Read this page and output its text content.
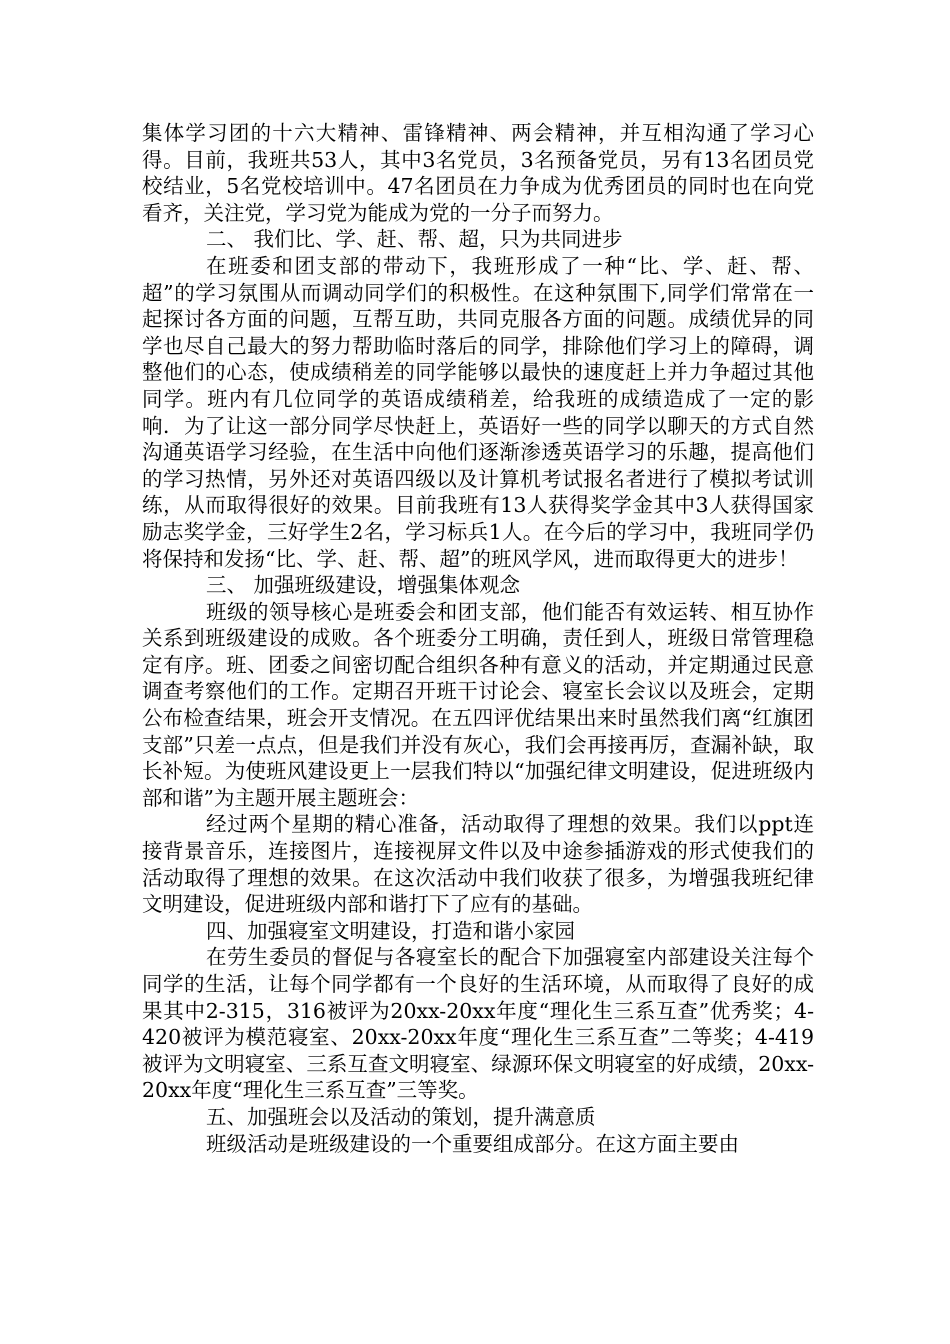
集体学习团的十六大精神、雷锋精神、两会精神，并互相沟通了学习心得。目前，我班共53人，其中3名党员，3名预备党员，另有13名团员党校结业，5名党校培训中。47名团员在力争成为优秀团员的同时也在向党看齐，关注党，学习党为能成为党的一分子而努力。

二、 我们比、学、赶、帮、超，只为共同进步

在班委和团支部的带动下，我班形成了一种“比、学、赶、帮、超”的学习氛围从而调动同学们的积极性。在这种氛围下,同学们常常在一起探讨各方面的问题，互帮互助，共同克服各方面的问题。成绩优异的同学也尽自己最大的努力帮助临时落后的同学，排除他们学习上的障碍，调整他们的心态，使成绩稍差的同学能够以最快的速度赶上并力争超过其他同学。班内有几位同学的英语成绩稍差，给我班的成绩造成了一定的影响．为了让这一部分同学尽快赶上，英语好一些的同学以聊天的方式自然沟通英语学习经验，在生活中向他们逐渐渗透英语学习的乐趣，提高他们的学习热情，另外还对英语四级以及计算机考试报名者进行了模拟考试训练，从而取得很好的效果。目前我班有13人获得奖学金其中3人获得国家励志奖学金，三好学生2名，学习标兵1人。在今后的学习中，我班同学仍将保持和发扬“比、学、赶、帮、超”的班风学风，进而取得更大的进步！

三、 加强班级建设，增强集体观念

班级的领导核心是班委会和团支部，他们能否有效运转、相互协作关系到班级建设的成败。各个班委分工明确，责任到人，班级日常管理稳定有序。班、团委之间密切配合组织各种有意义的活动，并定期通过民意调查考察他们的工作。定期召开班干讨论会、寝室长会议以及班会，定期公布检查结果，班会开支情况。在五四评优结果出来时虽然我们离“红旗团支部”只差一点点，但是我们并没有灰心，我们会再接再厉，查漏补缺，取长补短。为使班风建设更上一层我们特以“加强纪律文明建设，促进班级内部和谐”为主题开展主题班会：

经过两个星期的精心准备，活动取得了理想的效果。我们以ppt连接背景音乐，连接图片，连接视屏文件以及中途参插游戏的形式使我们的活动取得了理想的效果。在这次活动中我们收获了很多，为增强我班纪律文明建设，促进班级内部和谐打下了应有的基础。

四、加强寝室文明建设，打造和谐小家园

在劳生委员的督促与各寝室长的配合下加强寝室内部建设关注每个同学的生活，让每个同学都有一个良好的生活环境，从而取得了良好的成果其中2-315，316被评为20xx-20xx年度“理化生三系互查”优秀奖；4-420被评为模范寝室、20xx-20xx年度“理化生三系互查”二等奖；4-419被评为文明寝室、三系互查文明寝室、绿源环保文明寝室的好成绩，20xx-20xx年度“理化生三系互查”三等奖。

五、加强班会以及活动的策划，提升满意质

班级活动是班级建设的一个重要组成部分。在这方面主要由
